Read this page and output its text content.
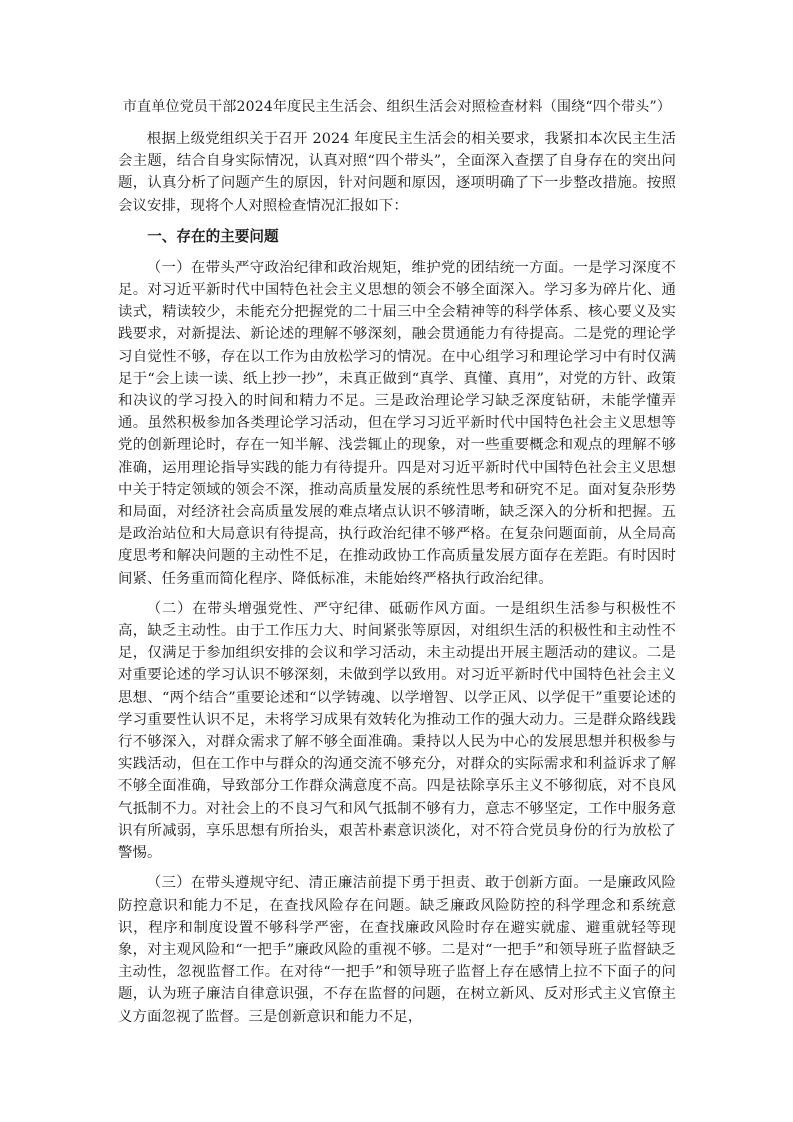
市直单位党员干部2024年度民主生活会、组织生活会对照检查材料（围绕“四个带头”）

根据上级党组织关于召开 2024 年度民主生活会的相关要求，我紧扣本次民主生活会主题，结合自身实际情况，认真对照“四个带头”，全面深入查摆了自身存在的突出问题，认真分析了问题产生的原因，针对问题和原因，逐项明确了下一步整改措施。按照会议安排，现将个人对照检查情况汇报如下：

一、存在的主要问题

（一）在带头严守政治纪律和政治规矩，维护党的团结统一方面。一是学习深度不足。对习近平新时代中国特色社会主义思想的领会不够全面深入。学习多为碎片化、通读式，精读较少，未能充分把握党的二十届三中全会精神等的科学体系、核心要义及实践要求，对新提法、新论述的理解不够深刻，融会贯通能力有待提高。二是党的理论学习自觉性不够，存在以工作为由放松学习的情况。在中心组学习和理论学习中有时仅满足于“会上读一读、纸上抄一抄”，未真正做到“真学、真懂、真用”，对党的方针、政策和决议的学习投入的时间和精力不足。三是政治理论学习缺乏深度钻研，未能学懂弄通。虽然积极参加各类理论学习活动，但在学习习近平新时代中国特色社会主义思想等党的创新理论时，存在一知半解、浅尝辄止的现象，对一些重要概念和观点的理解不够准确，运用理论指导实践的能力有待提升。四是对习近平新时代中国特色社会主义思想中关于特定领域的领会不深，推动高质量发展的系统性思考和研究不足。面对复杂形势和局面，对经济社会高质量发展的难点堵点认识不够清晰，缺乏深入的分析和把握。五是政治站位和大局意识有待提高，执行政治纪律不够严格。在复杂问题面前，从全局高度思考和解决问题的主动性不足，在推动政协工作高质量发展方面存在差距。有时因时间紧、任务重而简化程序、降低标准，未能始终严格执行政治纪律。

（二）在带头增强党性、严守纪律、砥砺作风方面。一是组织生活参与积极性不高，缺乏主动性。由于工作压力大、时间紧张等原因，对组织生活的积极性和主动性不足，仅满足于参加组织安排的会议和学习活动，未主动提出开展主题活动的建议。二是对重要论述的学习认识不够深刻，未做到学以致用。对习近平新时代中国特色社会主义思想、“两个结合”重要论述和“以学铸魂、以学增智、以学正风、以学促干”重要论述的学习重要性认识不足，未将学习成果有效转化为推动工作的强大动力。三是群众路线践行不够深入，对群众需求了解不够全面准确。秉持以人民为中心的发展思想并积极参与实践活动，但在工作中与群众的沟通交流不够充分，对群众的实际需求和利益诉求了解不够全面准确，导致部分工作群众满意度不高。四是祛除享乐主义不够彻底，对不良风气抵制不力。对社会上的不良习气和风气抵制不够有力，意志不够坚定，工作中服务意识有所减弱，享乐思想有所抬头，艰苦朴素意识淡化，对不符合党员身份的行为放松了警惕。

（三）在带头遵规守纪、清正廉洁前提下勇于担责、敢于创新方面。一是廉政风险防控意识和能力不足，在查找风险存在问题。缺乏廉政风险防控的科学理念和系统意识，程序和制度设置不够科学严密，在查找廉政风险时存在避实就虚、避重就轻等现象，对主观风险和“一把手”廉政风险的重视不够。二是对“一把手”和领导班子监督缺乏主动性，忽视监督工作。在对待“一把手”和领导班子监督上存在感情上拉不下面子的问题，认为班子廉洁自律意识强，不存在监督的问题，在树立新风、反对形式主义官僚主义方面忽视了监督。三是创新意识和能力不足，
